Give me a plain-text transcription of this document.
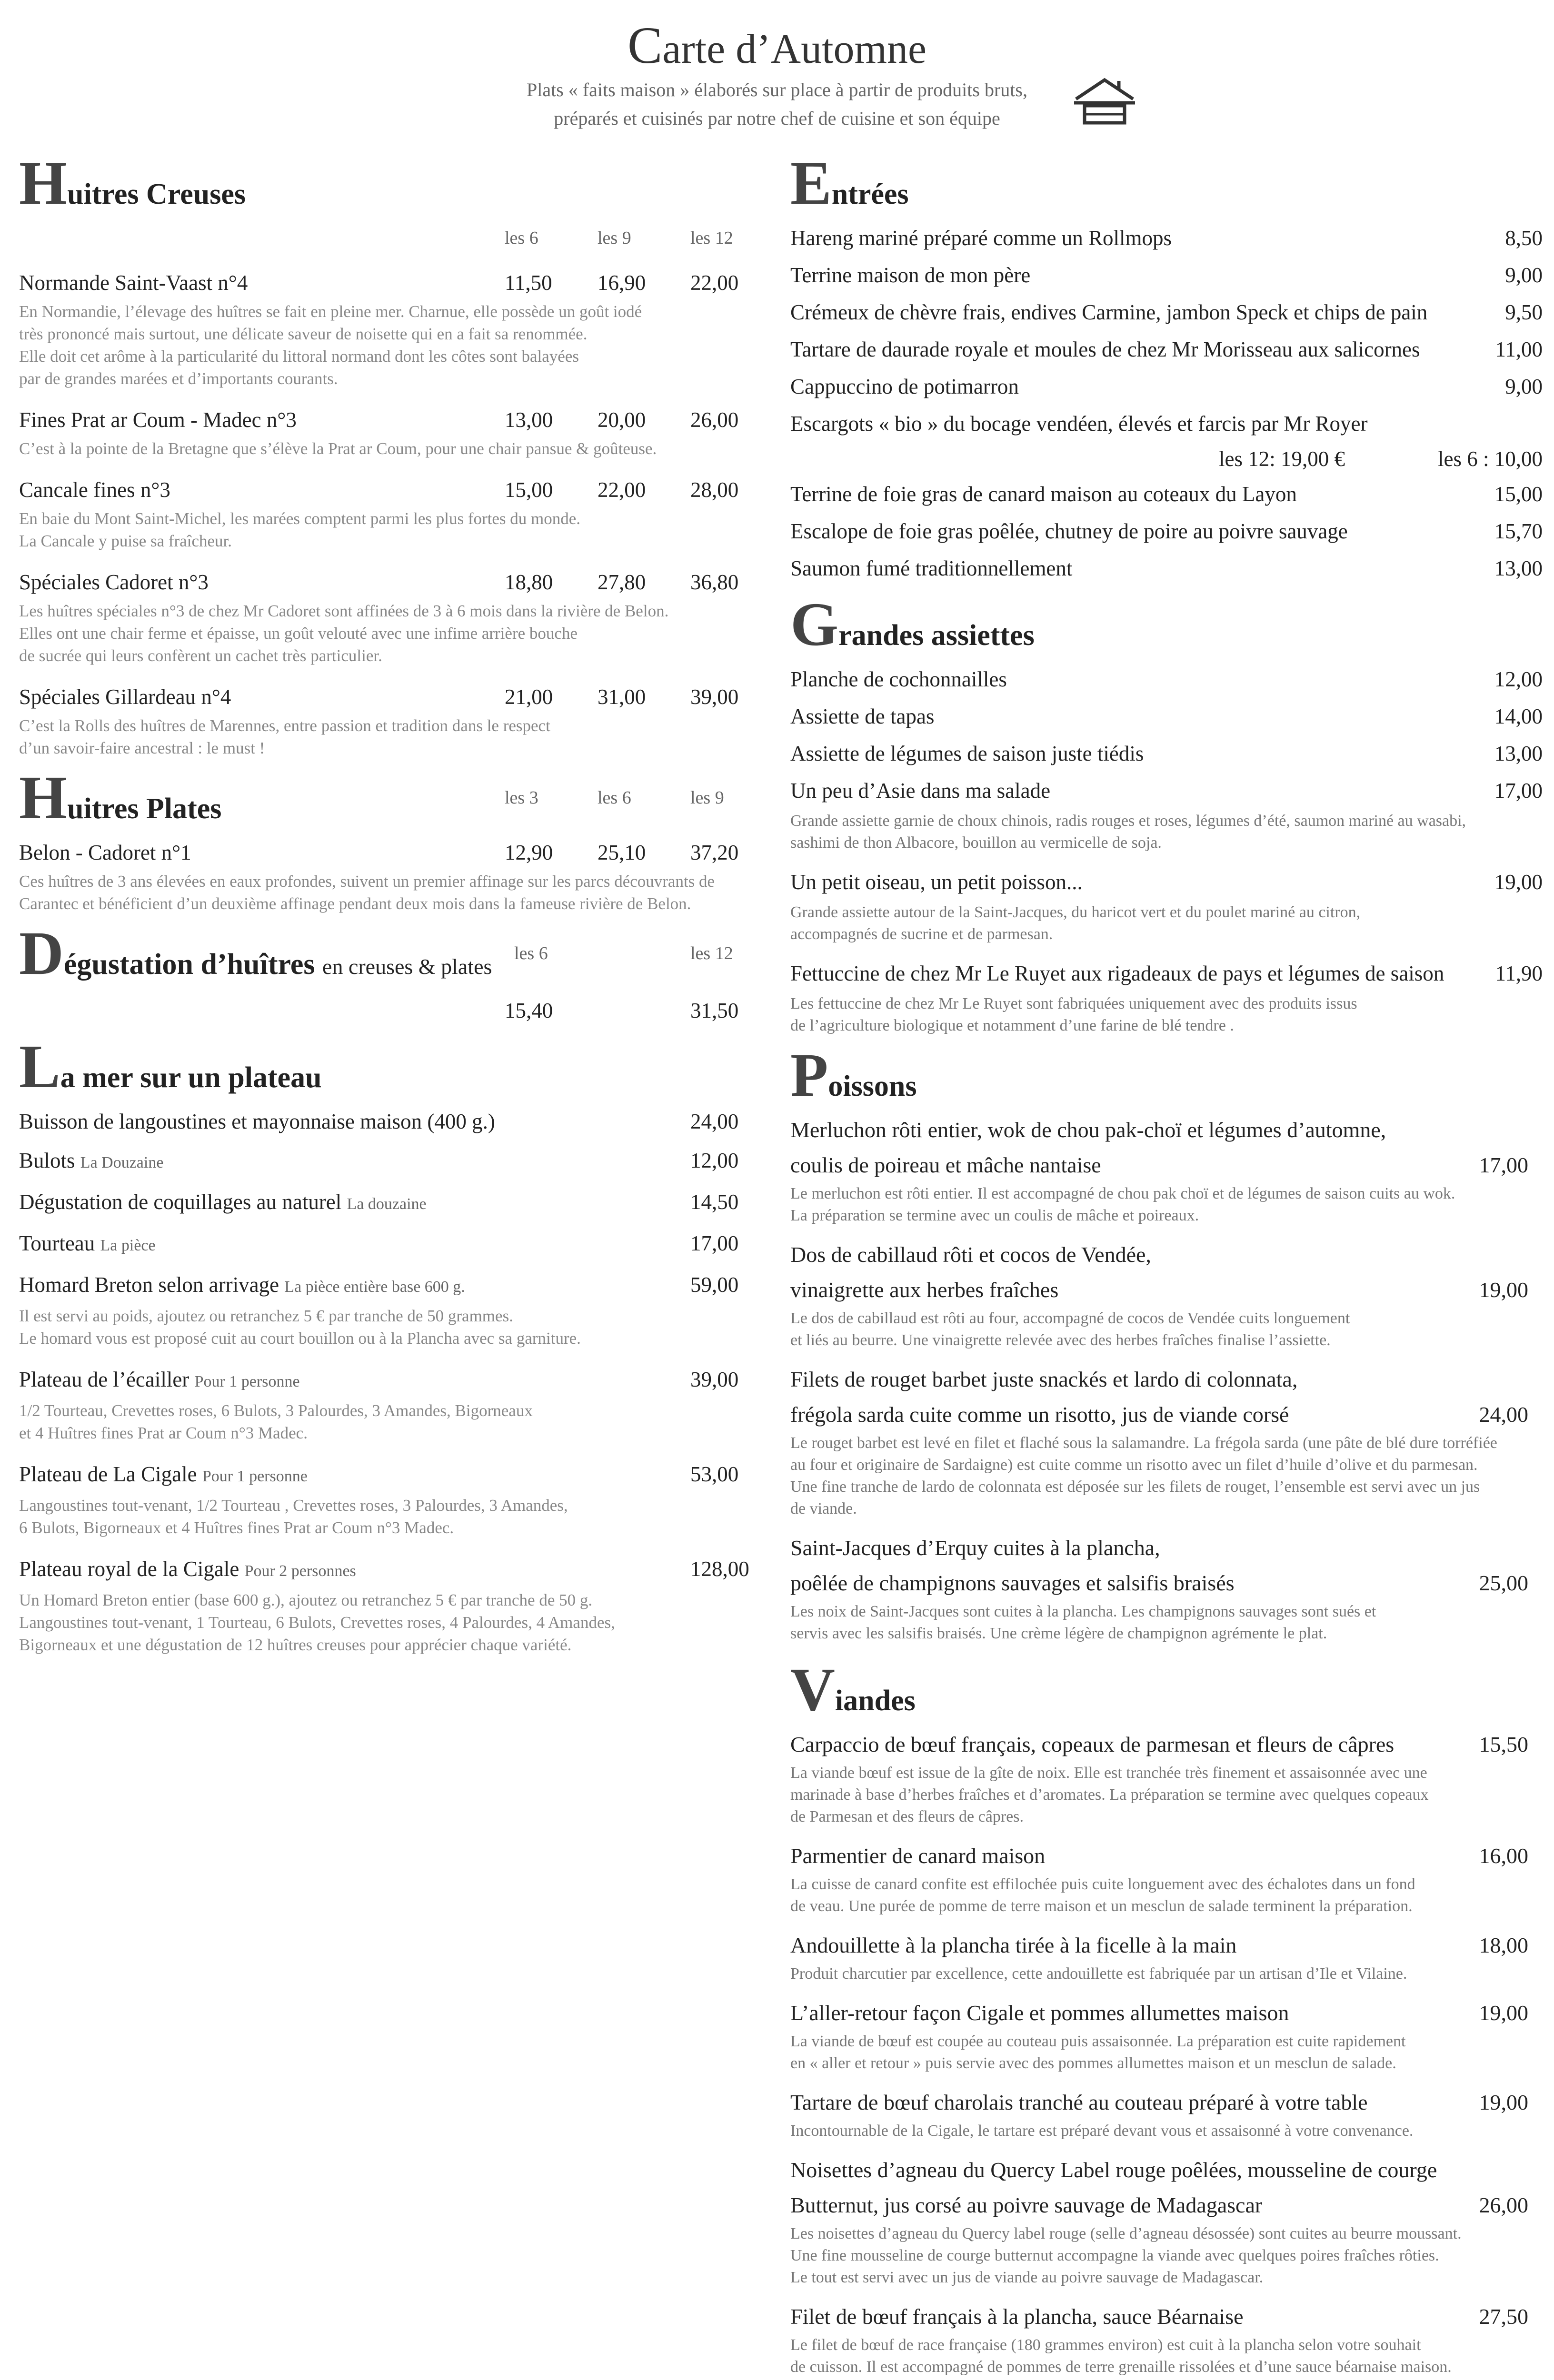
Carte d’Automne
Plats « faits maison » élaborés sur place à partir de produits bruts,
préparés et cuisinés par notre chef de cuisine et son équipe
Huitres Creuses

les 6	les 9	les 12
Normande Saint-Vaast n°4	11,50 16,90 22,00
En Normandie, l’élevage des huîtres se fait en pleine mer. Charnue, elle possède un goût iodé
très prononcé mais surtout, une délicate saveur de noisette qui en a fait sa renommée.
Elle doit cet arôme à la particularité du littoral normand dont les côtes sont balayées
par de grandes marées et d’importants courants.
Fines Prat ar Coum - Madec n°3	13,00 20,00 26,00
C’est à la pointe de la Bretagne que s’élève la Prat ar Coum, pour une chair pansue & goûteuse.
Cancale fines n°3	15,00 22,00 28,00
En baie du Mont Saint-Michel, les marées comptent parmi les plus fortes du monde.
La Cancale y puise sa fraîcheur.
Spéciales Cadoret n°3	18,80 27,80 36,80
Les huîtres spéciales n°3 de chez Mr Cadoret sont affinées de 3 à 6 mois dans la rivière de Belon.
Elles ont une chair ferme et épaisse, un goût velouté avec une infime arrière bouche
de sucrée qui leurs confèrent un cachet très particulier.
Spéciales Gillardeau n°4	21,00 31,00 39,00
C’est la Rolls des huîtres de Marennes, entre passion et tradition dans le respect
d’un savoir-faire ancestral : le must !
Huitres Plates	les 3	les 6	les 9
Belon - Cadoret n°1	12,90 25,10 37,20
Ces huîtres de 3 ans élevées en eaux profondes, suivent un premier affinage sur les parcs découvrants de
Carantec et bénéficient d’un deuxième affinage pendant deux mois dans la fameuse rivière de Belon.
Dégustation d’huîtres en creuses & plates
les 6	les 12

15,40	31,50
La mer sur un plateau
Buisson de langoustines et mayonnaise maison (400 g.)	24,00
Bulots La Douzaine	12,00
Dégustation de coquillages au naturel La douzaine	14,50
Tourteau La pièce	17,00
Homard Breton selon arrivage La pièce entière base 600 g.	59,00
Il est servi au poids, ajoutez ou retranchez 5 € par tranche de 50 grammes.
Le homard vous est proposé cuit au court bouillon ou à la Plancha avec sa garniture.
Plateau de l’écailler Pour 1 personne	39,00
1/2 Tourteau, Crevettes roses, 6 Bulots, 3 Palourdes, 3 Amandes, Bigorneaux
et 4 Huîtres fines Prat ar Coum n°3 Madec.
Plateau de La Cigale Pour 1 personne	53,00
Langoustines tout-venant, 1/2 Tourteau , Crevettes roses, 3 Palourdes, 3 Amandes,
6 Bulots, Bigorneaux et 4 Huîtres fines Prat ar Coum n°3 Madec.
Plateau royal de la Cigale Pour 2 personnes	128,00
Un Homard Breton entier (base 600 g.), ajoutez ou retranchez 5 € par tranche de 50 g.
Langoustines tout-venant, 1 Tourteau, 6 Bulots, Crevettes roses, 4 Palourdes, 4 Amandes,
Bigorneaux et une dégustation de 12 huîtres creuses pour apprécier chaque variété.
Entrées
Hareng mariné préparé comme un Rollmops	8,50
Terrine maison de mon père	9,00
Crémeux de chèvre frais, endives Carmine, jambon Speck et chips de pain	9,50
Tartare de daurade royale et moules de chez Mr Morisseau aux salicornes	11,00
Cappuccino de potimarron	9,00
Escargots « bio » du bocage vendéen, élevés et farcis par Mr Royer

les 12: 19,00 €	les 6 : 10,00
Terrine de foie gras de canard maison au coteaux du Layon	15,00
Escalope de foie gras poêlée, chutney de poire au poivre sauvage	15,70
Saumon fumé traditionnellement	13,00
Grandes assiettes
Planche de cochonnailles	12,00
Assiette de tapas	14,00
Assiette de légumes de saison juste tiédis	13,00
Un peu d’Asie dans ma salade	17,00
Grande assiette garnie de choux chinois, radis rouges et roses, légumes d’été, saumon mariné au wasabi,
sashimi de thon Albacore, bouillon au vermicelle de soja.
Un petit oiseau, un petit poisson...	19,00
Grande assiette autour de la Saint-Jacques, du haricot vert et du poulet mariné au citron,
accompagnés de sucrine et de parmesan.
Fettuccine de chez Mr Le Ruyet aux rigadeaux de pays et légumes de saison 11,90
Les fettuccine de chez Mr Le Ruyet sont fabriquées uniquement avec des produits issus
de l’agriculture biologique et notamment d’une farine de blé tendre .
Poissons
Merluchon rôti entier, wok de chou pak-choï et légumes d’automne,
coulis de poireau et mâche nantaise	17,00
Le merluchon est rôti entier. Il est accompagné de chou pak choï et de légumes de saison cuits au wok.
La préparation se termine avec un coulis de mâche et poireaux.
Dos de cabillaud rôti et cocos de Vendée,
vinaigrette aux herbes fraîches	19,00
Le dos de cabillaud est rôti au four, accompagné de cocos de Vendée cuits longuement
et liés au beurre. Une vinaigrette relevée avec des herbes fraîches finalise l’assiette.
Filets de rouget barbet juste snackés et lardo di colonnata,
frégola sarda cuite comme un risotto, jus de viande corsé	24,00
Le rouget barbet est levé en filet et flaché sous la salamandre. La frégola sarda (une pâte de blé dure torréfiée
au four et originaire de Sardaigne) est cuite comme un risotto avec un filet d’huile d’olive et du parmesan.
Une fine tranche de lardo de colonnata est déposée sur les filets de rouget, l’ensemble est servi avec un jus
de viande.
Saint-Jacques d’Erquy cuites à la plancha,
poêlée de champignons sauvages et salsifis braisés	25,00
Les noix de Saint-Jacques sont cuites à la plancha. Les champignons sauvages sont sués et
servis avec les salsifis braisés. Une crème légère de champignon agrémente le plat.
Viandes
Carpaccio de bœuf français, copeaux de parmesan et fleurs de câpres	15,50
La viande bœuf est issue de la gîte de noix. Elle est tranchée très finement et assaisonnée avec une
marinade à base d’herbes fraîches et d’aromates. La préparation se termine avec quelques copeaux
de Parmesan et des fleurs de câpres.
Parmentier de canard maison	16,00
La cuisse de canard confite est effilochée puis cuite longuement avec des échalotes dans un fond
de veau. Une purée de pomme de terre maison et un mesclun de salade terminent la préparation.
Andouillette à la plancha tirée à la ficelle à la main	18,00
Produit charcutier par excellence, cette andouillette est fabriquée par un artisan d’Ile et Vilaine.
L’aller-retour façon Cigale et pommes allumettes maison	19,00
La viande de bœuf est coupée au couteau puis assaisonnée. La préparation est cuite rapidement
en « aller et retour » puis servie avec des pommes allumettes maison et un mesclun de salade.
Tartare de bœuf charolais tranché au couteau préparé à votre table	19,00
Incontournable de la Cigale, le tartare est préparé devant vous et assaisonné à votre convenance.
Noisettes d’agneau du Quercy Label rouge poêlées, mousseline de courge
Butternut, jus corsé au poivre sauvage de Madagascar	26,00
Les noisettes d’agneau du Quercy label rouge (selle d’agneau désossée) sont cuites au beurre moussant.
Une fine mousseline de courge butternut accompagne la viande avec quelques poires fraîches rôties.
Le tout est servi avec un jus de viande au poivre sauvage de Madagascar.
Filet de bœuf français à la plancha, sauce Béarnaise	27,50
Le filet de bœuf de race française (180 grammes environ) est cuit à la plancha selon votre souhait
de cuisson. Il est accompagné de pommes de terre grenaille rissolées et d’une sauce béarnaise maison.
